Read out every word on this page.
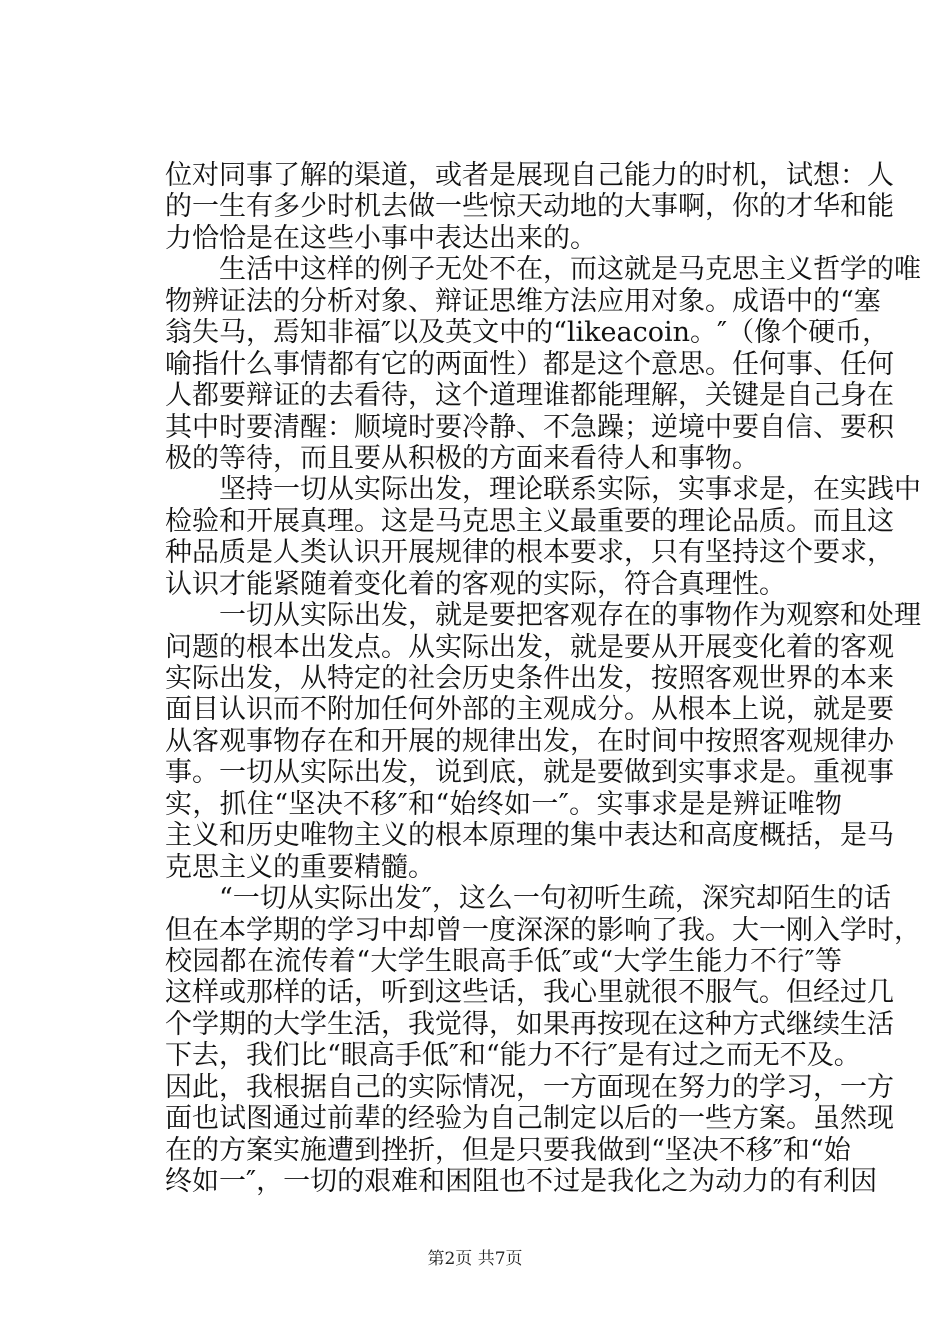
位对同事了解的渠道，或者是展现自己能力的时机，试想：人
的一生有多少时机去做一些惊天动地的大事啊，你的才华和能
力恰恰是在这些小事中表达出来的。
生活中这样的例子无处不在，而这就是马克思主义哲学的唯
物辨证法的分析对象、辩证思维方法应用对象。成语中的“塞
翁失马，焉知非福″以及英文中的“likeacoin。″（像个硬币，
喻指什么事情都有它的两面性）都是这个意思。任何事、任何
人都要辩证的去看待，这个道理谁都能理解，关键是自己身在
其中时要清醒：顺境时要冷静、不急躁；逆境中要自信、要积
极的等待，而且要从积极的方面来看待人和事物。
坚持一切从实际出发，理论联系实际，实事求是，在实践中
检验和开展真理。这是马克思主义最重要的理论品质。而且这
种品质是人类认识开展规律的根本要求，只有坚持这个要求，
认识才能紧随着变化着的客观的实际，符合真理性。
一切从实际出发，就是要把客观存在的事物作为观察和处理
问题的根本出发点。从实际出发，就是要从开展变化着的客观
实际出发，从特定的社会历史条件出发，按照客观世界的本来
面目认识而不附加任何外部的主观成分。从根本上说，就是要
从客观事物存在和开展的规律出发，在时间中按照客观规律办
事。一切从实际出发，说到底，就是要做到实事求是。重视事
实，抓住“坚决不移″和“始终如一″。实事求是是辨证唯物
主义和历史唯物主义的根本原理的集中表达和高度概括，是马
克思主义的重要精髓。
“一切从实际出发″，这么一句初听生疏，深究却陌生的话
但在本学期的学习中却曾一度深深的影响了我。大一刚入学时，
校园都在流传着“大学生眼高手低″或“大学生能力不行″等
这样或那样的话，听到这些话，我心里就很不服气。但经过几
个学期的大学生活，我觉得，如果再按现在这种方式继续生活
下去，我们比“眼高手低″和“能力不行″是有过之而无不及。
因此，我根据自己的实际情况，一方面现在努力的学习，一方
面也试图通过前辈的经验为自己制定以后的一些方案。虽然现
在的方案实施遭到挫折，但是只要我做到“坚决不移″和“始
终如一″，一切的艰难和困阻也不过是我化之为动力的有利因
第2页 共7页
